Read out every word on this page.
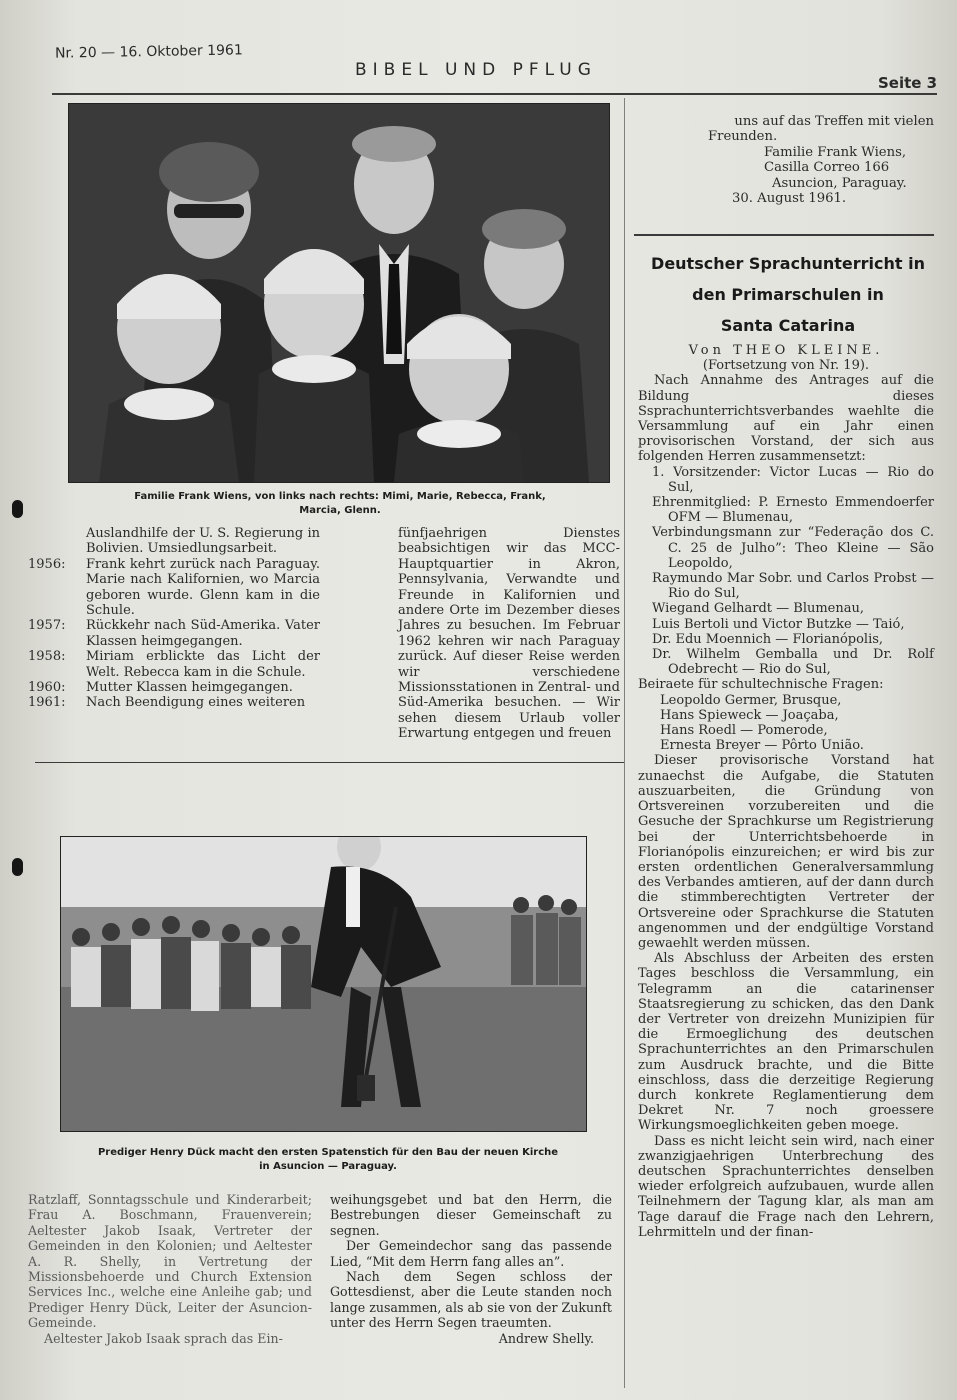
Nr. 20 — 16. Oktober 1961
BIBEL UND PFLUG
Seite 3
Familie Frank Wiens, von links nach rechts: Mimi, Marie, Rebecca, Frank,
Marcia, Glenn.

uns auf das Treffen mit vielen

Freunden.

Familie Frank Wiens,

Casilla Correo 166

Asuncion, Paraguay.

30. August 1961.

Deutscher Sprachunterricht in
den Primarschulen in
Santa Catarina

Von THEO KLEINE.

(Fortsetzung von Nr. 19).

Nach Annahme des Antrages auf die Bildung dieses Ssprachunterrichtsverbandes waehlte die Versammlung auf ein Jahr einen provisorischen Vorstand, der sich aus folgenden Herren zusammensetzt:

1. Vorsitzender: Victor Lucas — Rio do Sul,

Ehrenmitglied: P. Ernesto Emmendoerfer OFM — Blumenau,

Verbindungsmann zur “Federação dos C. C. 25 de Julho”: Theo Kleine — São Leopoldo,

Raymundo Mar Sobr. und Carlos Probst — Rio do Sul,

Wiegand Gelhardt — Blumenau,

Luis Bertoli und Victor Butzke — Taió,

Dr. Edu Moennich — Florianópolis,

Dr. Wilhelm Gemballa und Dr. Rolf Odebrecht — Rio do Sul,

Beiraete für schultechnische Fragen:

Leopoldo Germer, Brusque,

Hans Spieweck — Joaçaba,

Hans Roedl — Pomerode,

Ernesta Breyer — Pôrto União.

Dieser provisorische Vorstand hat zunaechst die Aufgabe, die Statuten auszuarbeiten, die Gründung von Ortsvereinen vorzubereiten und die Gesuche der Sprachkurse um Registrierung bei der Unterrichtsbehoerde in Florianópolis einzureichen; er wird bis zur ersten ordentlichen Generalversammlung des Verbandes amtieren, auf der dann durch die stimmberechtigten Vertreter der Ortsvereine oder Sprachkurse die Statuten angenommen und der endgültige Vorstand gewaehlt werden müssen.

Als Abschluss der Arbeiten des ersten Tages beschloss die Versammlung, ein Telegramm an die catarinenser Staatsregierung zu schicken, das den Dank der Vertreter von dreizehn Munizipien für die Ermoeglichung des deutschen Sprachunterrichtes an den Primarschulen zum Ausdruck brachte, und die Bitte einschloss, dass die derzeitige Regierung durch konkrete Reglamentierung dem Dekret Nr. 7 noch groessere Wirkungsmoeglichkeiten geben moege.

Dass es nicht leicht sein wird, nach einer zwanzigjaehrigen Unterbrechung des deutschen Sprachunterrichtes denselben wieder erfolgreich aufzubauen, wurde allen Teilnehmern der Tagung klar, als man am Tage darauf die Frage nach den Lehrern, Lehrmitteln und der finan-

Auslandhilfe der U. S. Regierung in Bolivien. Umsiedlungsarbeit.
1956:	Frank kehrt zurück nach Paraguay. Marie nach Kalifornien, wo Marcia geboren wurde. Glenn kam in die Schule.
1957:	Rückkehr nach Süd-Amerika. Vater Klassen heimgegangen.
1958:	Miriam erblickte das Licht der Welt. Rebecca kam in die Schule.
1960:	Mutter Klassen heimgegangen.
1961:	Nach Beendigung eines weiteren

fünfjaehrigen Dienstes beabsichtigen wir das MCC-Hauptquartier in Akron, Pennsylvania, Verwandte und Freunde in Kalifornien und andere Orte im Dezember dieses Jahres zu besuchen. Im Februar 1962 kehren wir nach Paraguay zurück. Auf dieser Reise werden wir verschiedene Missionsstationen in Zentral- und Süd-Amerika besuchen. — Wir sehen diesem Urlaub voller Erwartung entgegen und freuen

Prediger Henry Dück macht den ersten Spatenstich für den Bau der neuen Kirche
in Asuncion — Paraguay.

Ratzlaff, Sonntagsschule und Kinderarbeit; Frau A. Boschmann, Frauenverein; Aeltester Jakob Isaak, Vertreter der Gemeinden in den Kolonien; und Aeltester A. R. Shelly, in Vertretung der Missionsbehoerde und Church Extension Services Inc., welche eine Anleihe gab; und Prediger Henry Dück, Leiter der Asuncion-Gemeinde.

Aeltester Jakob Isaak sprach das Ein-

weihungsgebet und bat den Herrn, die Bestrebungen dieser Gemeinschaft zu segnen.

Der Gemeindechor sang das passende Lied, “Mit dem Herrn fang alles an”.

Nach dem Segen schloss der Gottesdienst, aber die Leute standen noch lange zusammen, als ab sie von der Zukunft unter des Herrn Segen traeumten.

Andrew Shelly.
